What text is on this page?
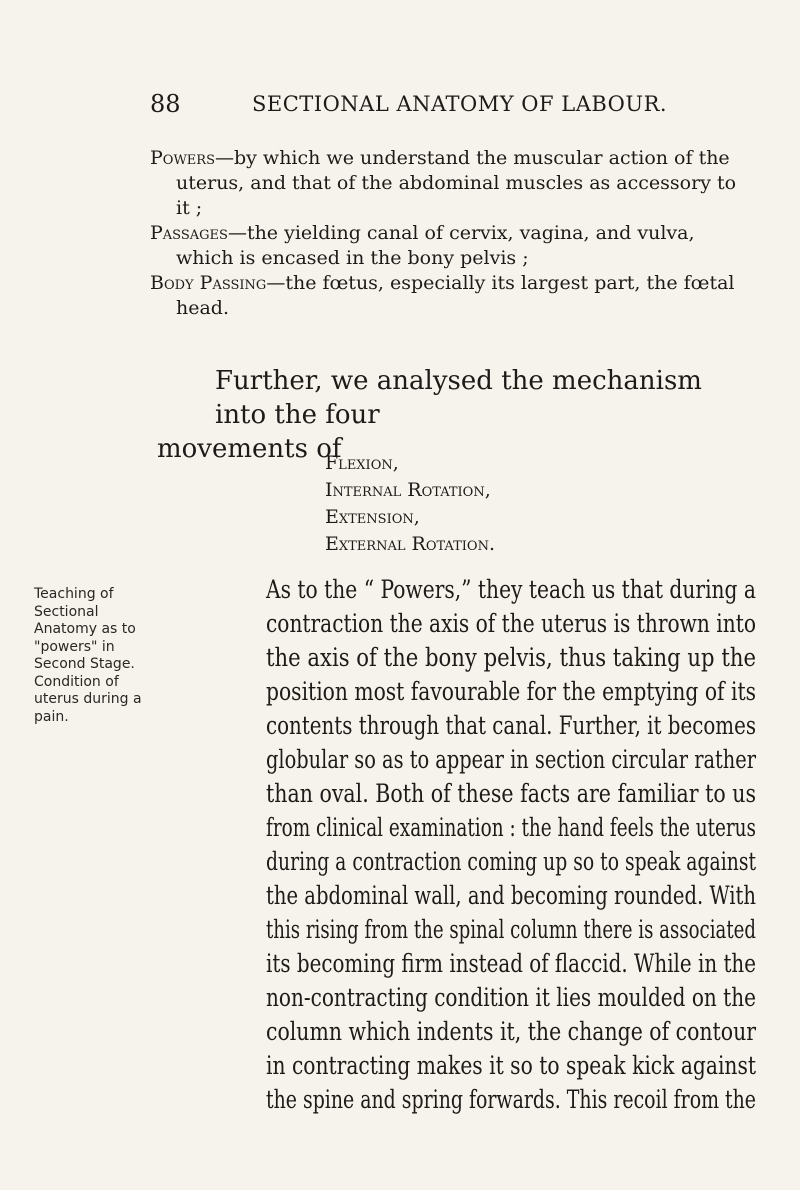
88	SECTIONAL ANATOMY OF LABOUR.

Powers—by which we understand the muscular action of the uterus, and that of the abdominal muscles as accessory to it ;

Passages—the yielding canal of cervix, vagina, and vulva, which is encased in the bony pelvis ;

Body Passing—the fœtus, especially its largest part, the fœtal head.

Further, we analysed the mechanism into the four
movements of

Flexion,
Internal Rotation,
Extension,
External Rotation.
Teaching of Sectional Anatomy as to "powers" in Second Stage. Condition of uterus during a pain.
As to the “ Powers,” they teach us that during a
contraction the axis of the uterus is thrown into
the axis of the bony pelvis, thus taking up the
position most favourable for the emptying of its
contents through that canal. Further, it becomes
globular so as to appear in section circular rather
than oval. Both of these facts are familiar to us
from clinical examination : the hand feels the uterus
during a contraction coming up so to speak against
the abdominal wall, and becoming rounded. With
this rising from the spinal column there is associated
its becoming firm instead of flaccid. While in the
non-contracting condition it lies moulded on the
column which indents it, the change of contour
in contracting makes it so to speak kick against
the spine and spring forwards. This recoil from the
